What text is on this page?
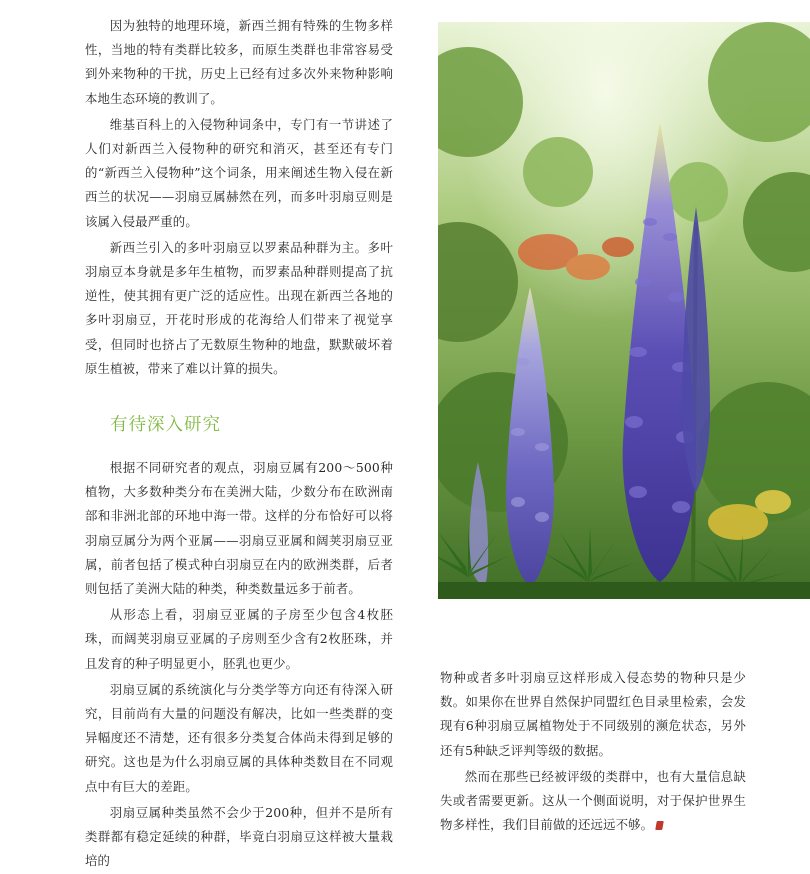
因为独特的地理环境，新西兰拥有特殊的生物多样性，当地的特有类群比较多，而原生类群也非常容易受到外来物种的干扰，历史上已经有过多次外来物种影响本地生态环境的教训了。

维基百科上的入侵物种词条中，专门有一节讲述了人们对新西兰入侵物种的研究和消灭，甚至还有专门的“新西兰入侵物种”这个词条，用来阐述生物入侵在新西兰的状况——羽扇豆属赫然在列，而多叶羽扇豆则是该属入侵最严重的。

新西兰引入的多叶羽扇豆以罗素品种群为主。多叶羽扇豆本身就是多年生植物，而罗素品种群则提高了抗逆性，使其拥有更广泛的适应性。出现在新西兰各地的多叶羽扇豆，开花时形成的花海给人们带来了视觉享受，但同时也挤占了无数原生物种的地盘，默默破坏着原生植被，带来了难以计算的损失。

有待深入研究

根据不同研究者的观点，羽扇豆属有200～500种植物，大多数种类分布在美洲大陆，少数分布在欧洲南部和非洲北部的环地中海一带。这样的分布恰好可以将羽扇豆属分为两个亚属——羽扇豆亚属和阔荚羽扇豆亚属，前者包括了模式种白羽扇豆在内的欧洲类群，后者则包括了美洲大陆的种类，种类数量远多于前者。

从形态上看，羽扇豆亚属的子房至少包含4枚胚珠，而阔荚羽扇豆亚属的子房则至少含有2枚胚珠，并且发育的种子明显更小，胚乳也更少。

羽扇豆属的系统演化与分类学等方向还有待深入研究，目前尚有大量的问题没有解决，比如一些类群的变异幅度还不清楚，还有很多分类复合体尚未得到足够的研究。这也是为什么羽扇豆属的具体种类数目在不同观点中有巨大的差距。

羽扇豆属种类虽然不会少于200种，但并不是所有类群都有稳定延续的种群，毕竟白羽扇豆这样被大量栽培的

物种或者多叶羽扇豆这样形成入侵态势的物种只是少数。如果你在世界自然保护同盟红色目录里检索，会发现有6种羽扇豆属植物处于不同级别的濒危状态，另外还有5种缺乏评判等级的数据。

然而在那些已经被评级的类群中，也有大量信息缺失或者需要更新。这从一个侧面说明，对于保护世界生物多样性，我们目前做的还远远不够。
